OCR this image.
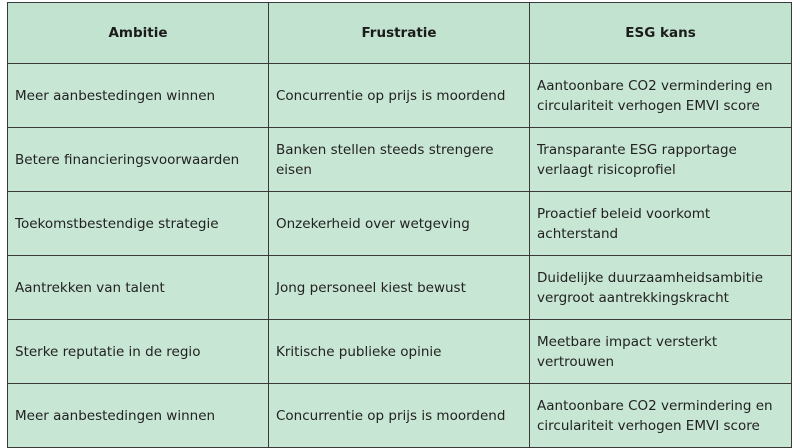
Ambitie	Frustratie	ESG kans
Meer aanbestedingen winnen	Concurrentie op prijs is moordend	Aantoonbare CO2 vermindering en circulariteit verhogen EMVI score
Betere financieringsvoorwaarden	Banken stellen steeds strengere eisen	Transparante ESG rapportage verlaagt risicoprofiel
Toekomstbestendige strategie	Onzekerheid over wetgeving	Proactief beleid voorkomt achterstand
Aantrekken van talent	Jong personeel kiest bewust	Duidelijke duurzaamheidsambitie vergroot aantrekkingskracht
Sterke reputatie in de regio	Kritische publieke opinie	Meetbare impact versterkt vertrouwen
Meer aanbestedingen winnen	Concurrentie op prijs is moordend	Aantoonbare CO2 vermindering en circulariteit verhogen EMVI score
